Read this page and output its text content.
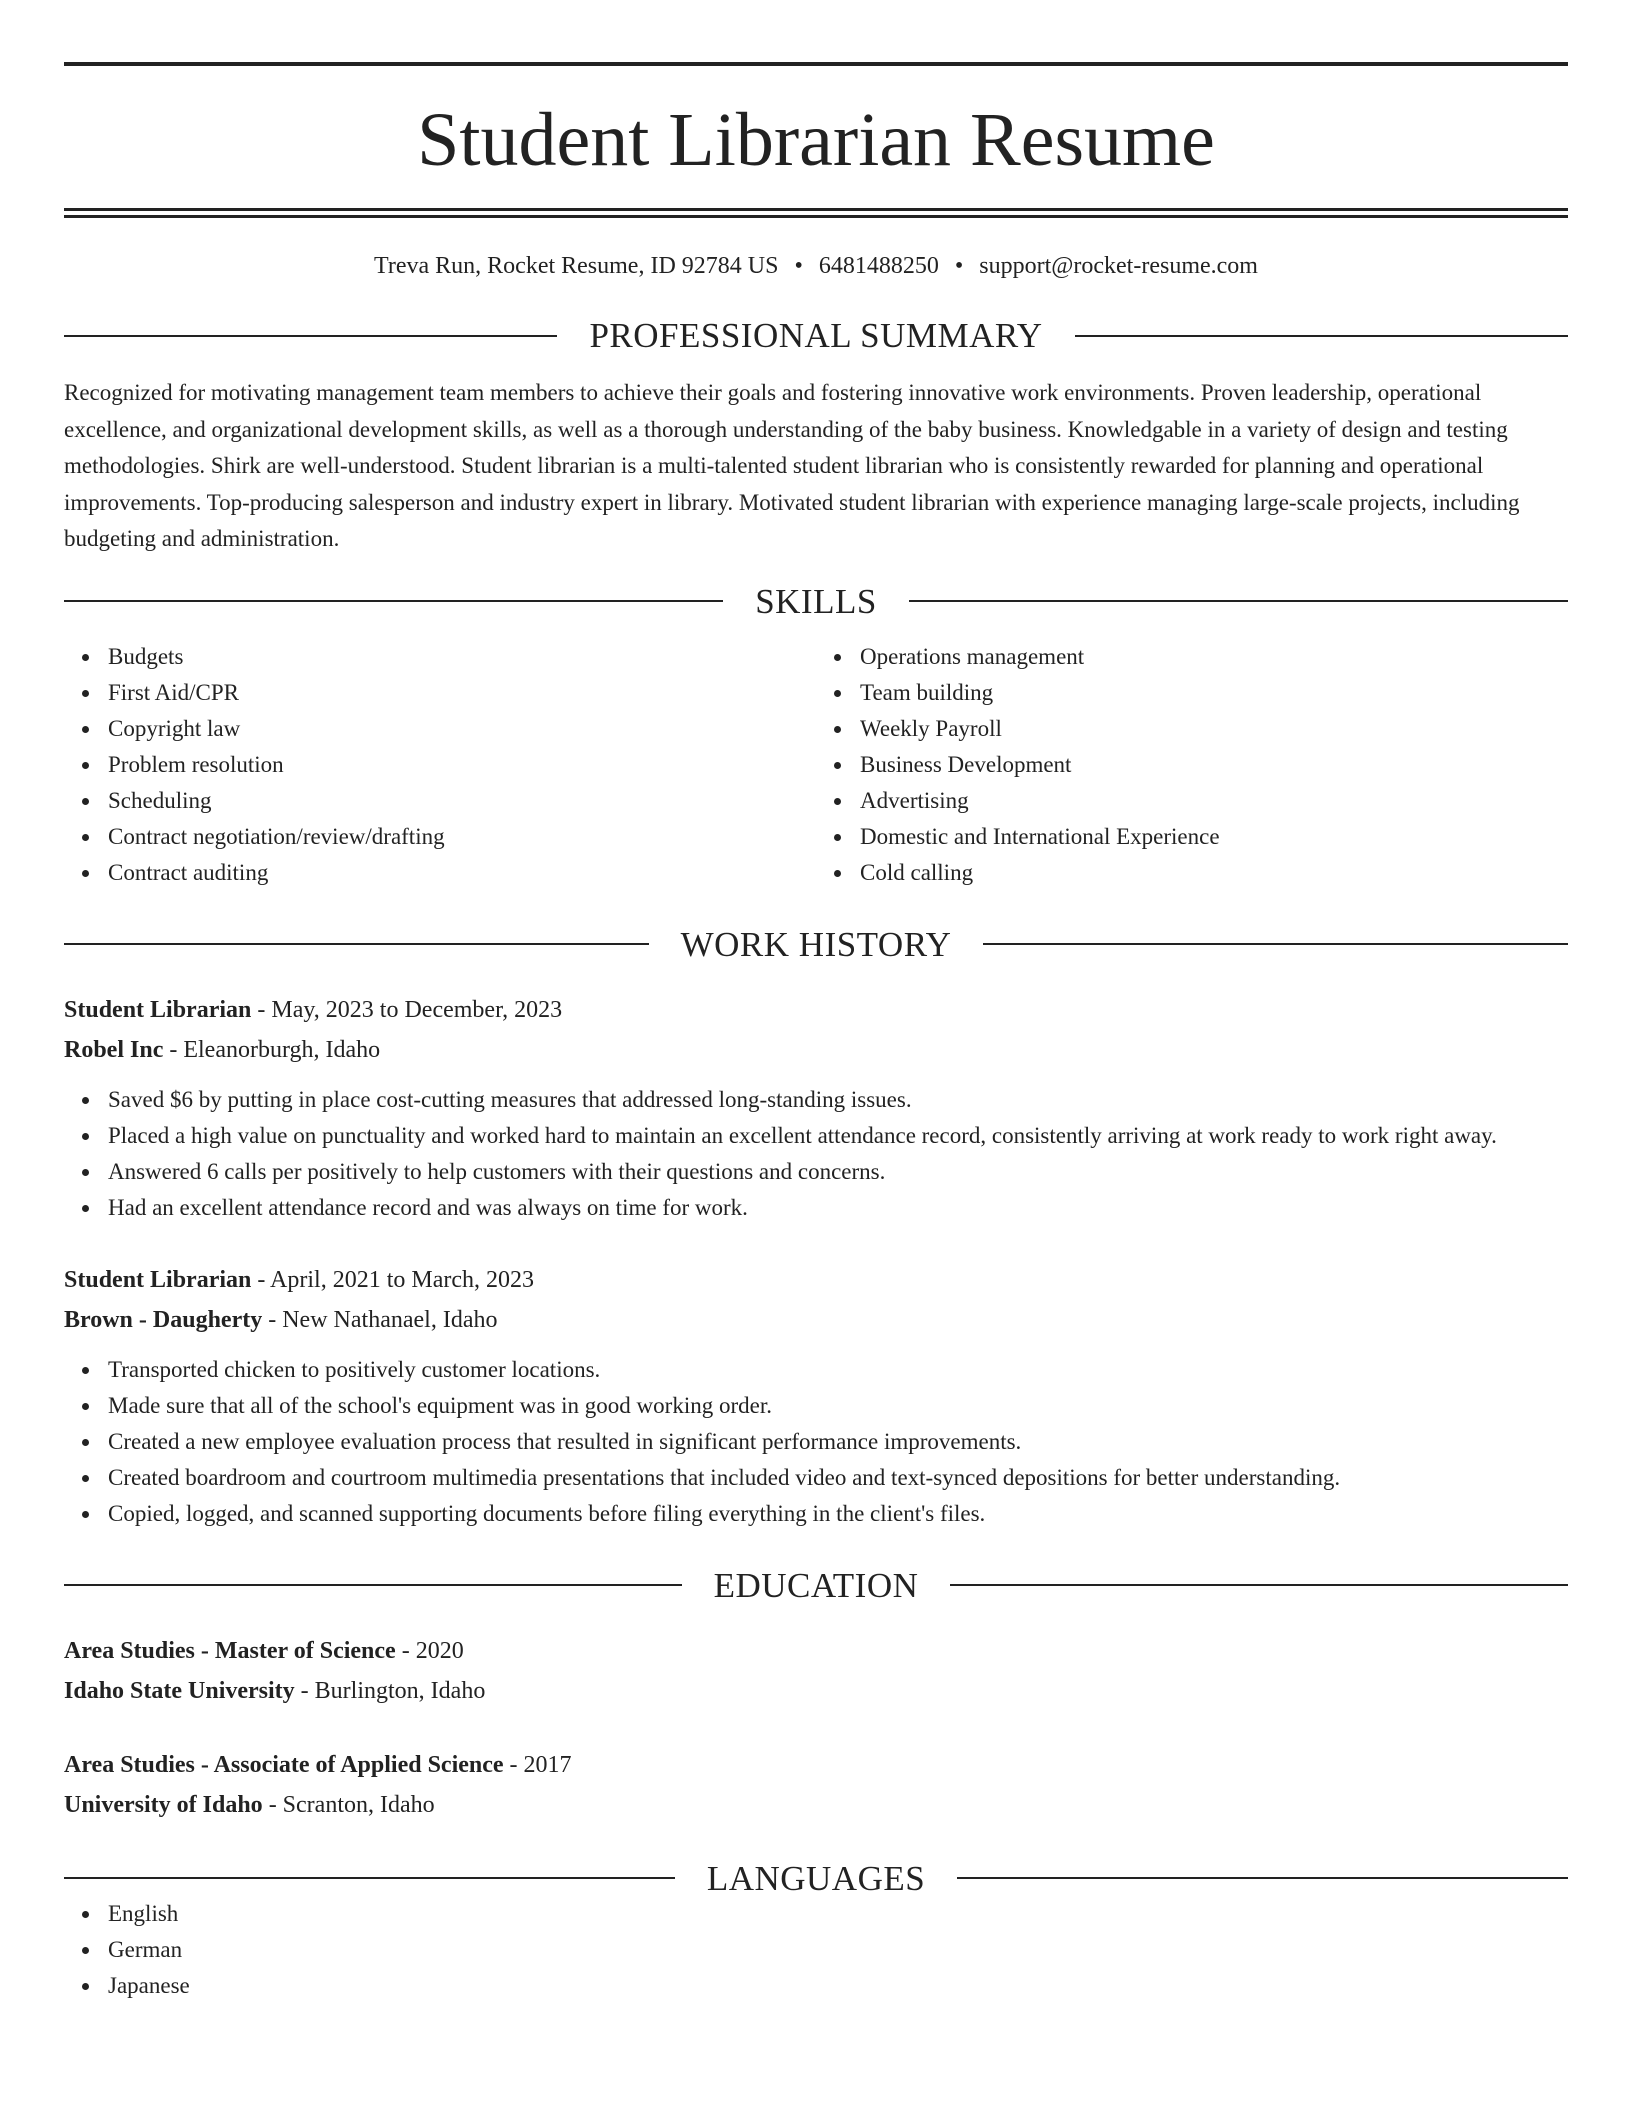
Student Librarian Resume
Treva Run, Rocket Resume, ID 92784 US • 6481488250 • support@rocket-resume.com
PROFESSIONAL SUMMARY

Recognized for motivating management team members to achieve their goals and fostering innovative work environments. Proven leadership, operational excellence, and organizational development skills, as well as a thorough understanding of the baby business. Knowledgable in a variety of design and testing methodologies. Shirk are well-understood. Student librarian is a multi-talented student librarian who is consistently rewarded for planning and operational improvements. Top-producing salesperson and industry expert in library. Motivated student librarian with experience managing large-scale projects, including budgeting and administration.

SKILLS
Budgets
First Aid/CPR
Copyright law
Problem resolution
Scheduling
Contract negotiation/review/drafting
Contract auditing
Operations management
Team building
Weekly Payroll
Business Development
Advertising
Domestic and International Experience
Cold calling
WORK HISTORY
Student Librarian - May, 2023 to December, 2023
Robel Inc - Eleanorburgh, Idaho
Saved $6 by putting in place cost-cutting measures that addressed long-standing issues.
Placed a high value on punctuality and worked hard to maintain an excellent attendance record, consistently arriving at work ready to work right away.
Answered 6 calls per positively to help customers with their questions and concerns.
Had an excellent attendance record and was always on time for work.
Student Librarian - April, 2021 to March, 2023
Brown - Daugherty - New Nathanael, Idaho
Transported chicken to positively customer locations.
Made sure that all of the school's equipment was in good working order.
Created a new employee evaluation process that resulted in significant performance improvements.
Created boardroom and courtroom multimedia presentations that included video and text-synced depositions for better understanding.
Copied, logged, and scanned supporting documents before filing everything in the client's files.
EDUCATION
Area Studies - Master of Science - 2020
Idaho State University - Burlington, Idaho
Area Studies - Associate of Applied Science - 2017
University of Idaho - Scranton, Idaho
LANGUAGES
English
German
Japanese
